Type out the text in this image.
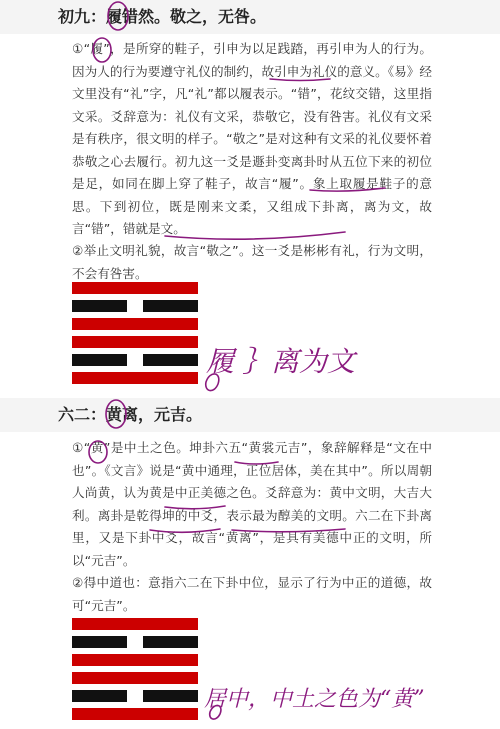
初九：履错然。敬之，无咎。

①“履”，是所穿的鞋子，引申为以足践踏，再引申为人的行为。因为人的行为要遵守礼仪的制约，故引申为礼仪的意义。《易》经文里没有“礼”字，凡“礼”都以履表示。“错”，花纹交错，这里指文采。爻辞意为：礼仪有文采，恭敬它，没有咎害。礼仪有文采是有秩序，很文明的样子。“敬之”是对这种有文采的礼仪要怀着恭敬之心去履行。初九这一爻是遯卦变离卦时从五位下来的初位是足，如同在脚上穿了鞋子，故言“履”。象上取履是鞋子的意思。下到初位，既是刚来文柔，又组成下卦离，离为文，故言“错”，错就是文。

②举止文明礼貌，故言“敬之”。这一爻是彬彬有礼，行为文明，不会有咎害。

履 ｝离为文
六二：黄离，元吉。

①“黄”是中土之色。坤卦六五“黄裳元吉”，象辞解释是“文在中也”。《文言》说是“黄中通理，正位居体，美在其中”。所以周朝人尚黄，认为黄是中正美德之色。爻辞意为：黄中文明，大吉大利。离卦是乾得坤的中爻，表示最为醇美的文明。六二在下卦离里，又是下卦中爻，故言“黄离”，是具有美德中正的文明，所以“元吉”。

②得中道也：意指六二在下卦中位，显示了行为中正的道德，故可“元吉”。

居中，中土之色为“黄”
